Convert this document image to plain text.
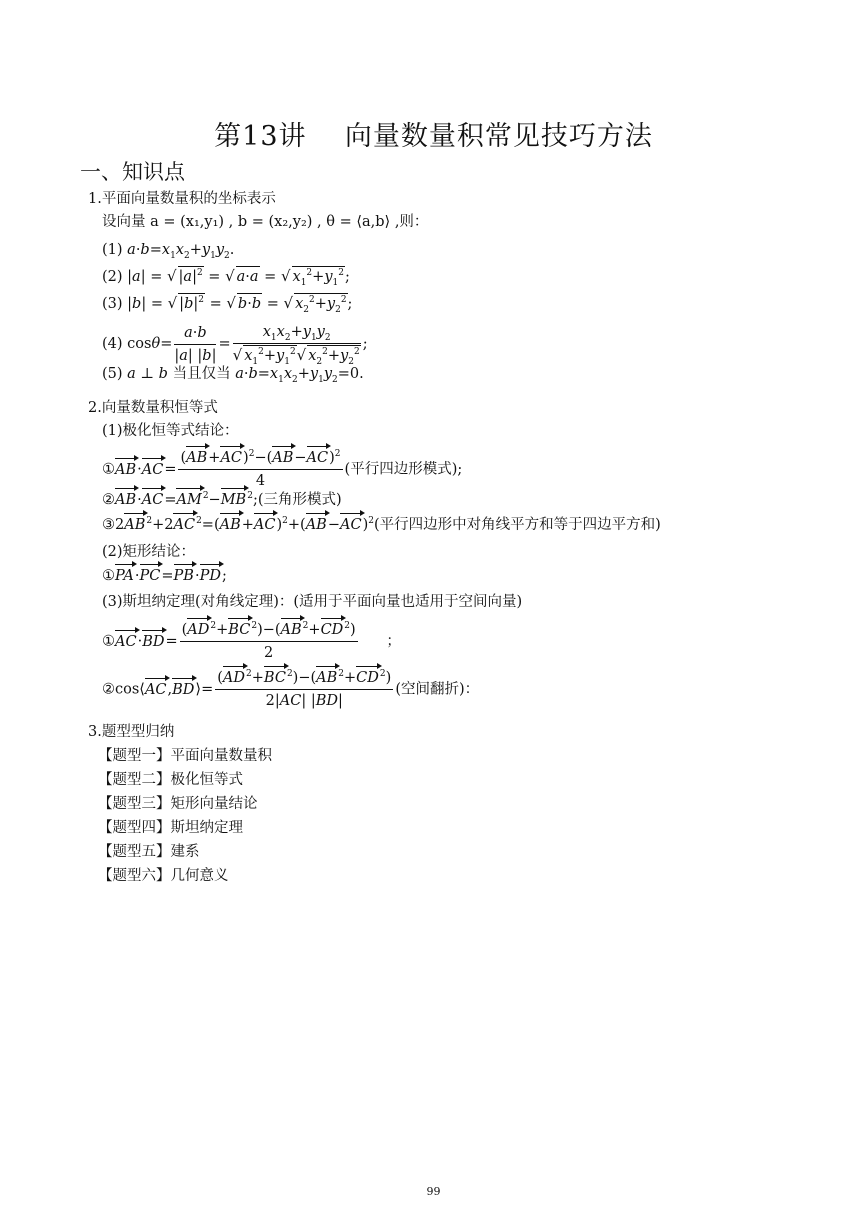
第13讲    向量数量积常见技巧方法
一、知识点
1.平面向量数量积的坐标表示
设向量 a = (x₁,y₁) , b = (x₂,y₂) , θ = ⟨a,b⟩ ,则：
(1) $a\cdot b=x_1x_2+y_1y_2$.
(2) |a| = √ $|a|^2$ = √ a·a = √ $x_1^2+y_1^2$;
(3) |b| = √ $|b|^2$ = √ b·b = √ $x_2^2+y_2^2$;
(4) $\cos\theta= \frac{a\cdot b}{|a| |b|} = \frac{x_1x_2+y_1y_2}{√ x_1^2+y_1^2√ x_2^2+y_2^2}$ ;
(5) a ⊥ b 当且仅当 $a\cdot b=x_1x_2+y_1y_2=0$.
2.向量数量积恒等式
(1)极化恒等式结论：
①AB·AC= $\frac{(AB+AC)^2-(AB-AC)^2}{4}$ (平行四边形模式);
$②AB\cdot AC=AM^2-MB^2$;(三角形模式)
$③2AB^2+2AC^2=(AB+AC)^2+(AB-AC)^2$(平行四边形中对角线平方和等于四边平方和)
(2)矩形结论：
①PA·PC=PB·PD;
(3)斯坦纳定理(对角线定理)：(适用于平面向量也适用于空间向量)
①AC·BD= $\frac{(AD^2+BC^2)-(AB^2+CD^2)}{2}$ ；
②cos⟨AC,BD⟩= $\frac{(AD^2+BC^2)-(AB^2+CD^2)}{2|AC| |BD|}$ (空间翻折)：
3.题型型归纳
【题型一】平面向量数量积
【题型二】极化恒等式
【题型三】矩形向量结论
【题型四】斯坦纳定理
【题型五】建系
【题型六】几何意义
99
